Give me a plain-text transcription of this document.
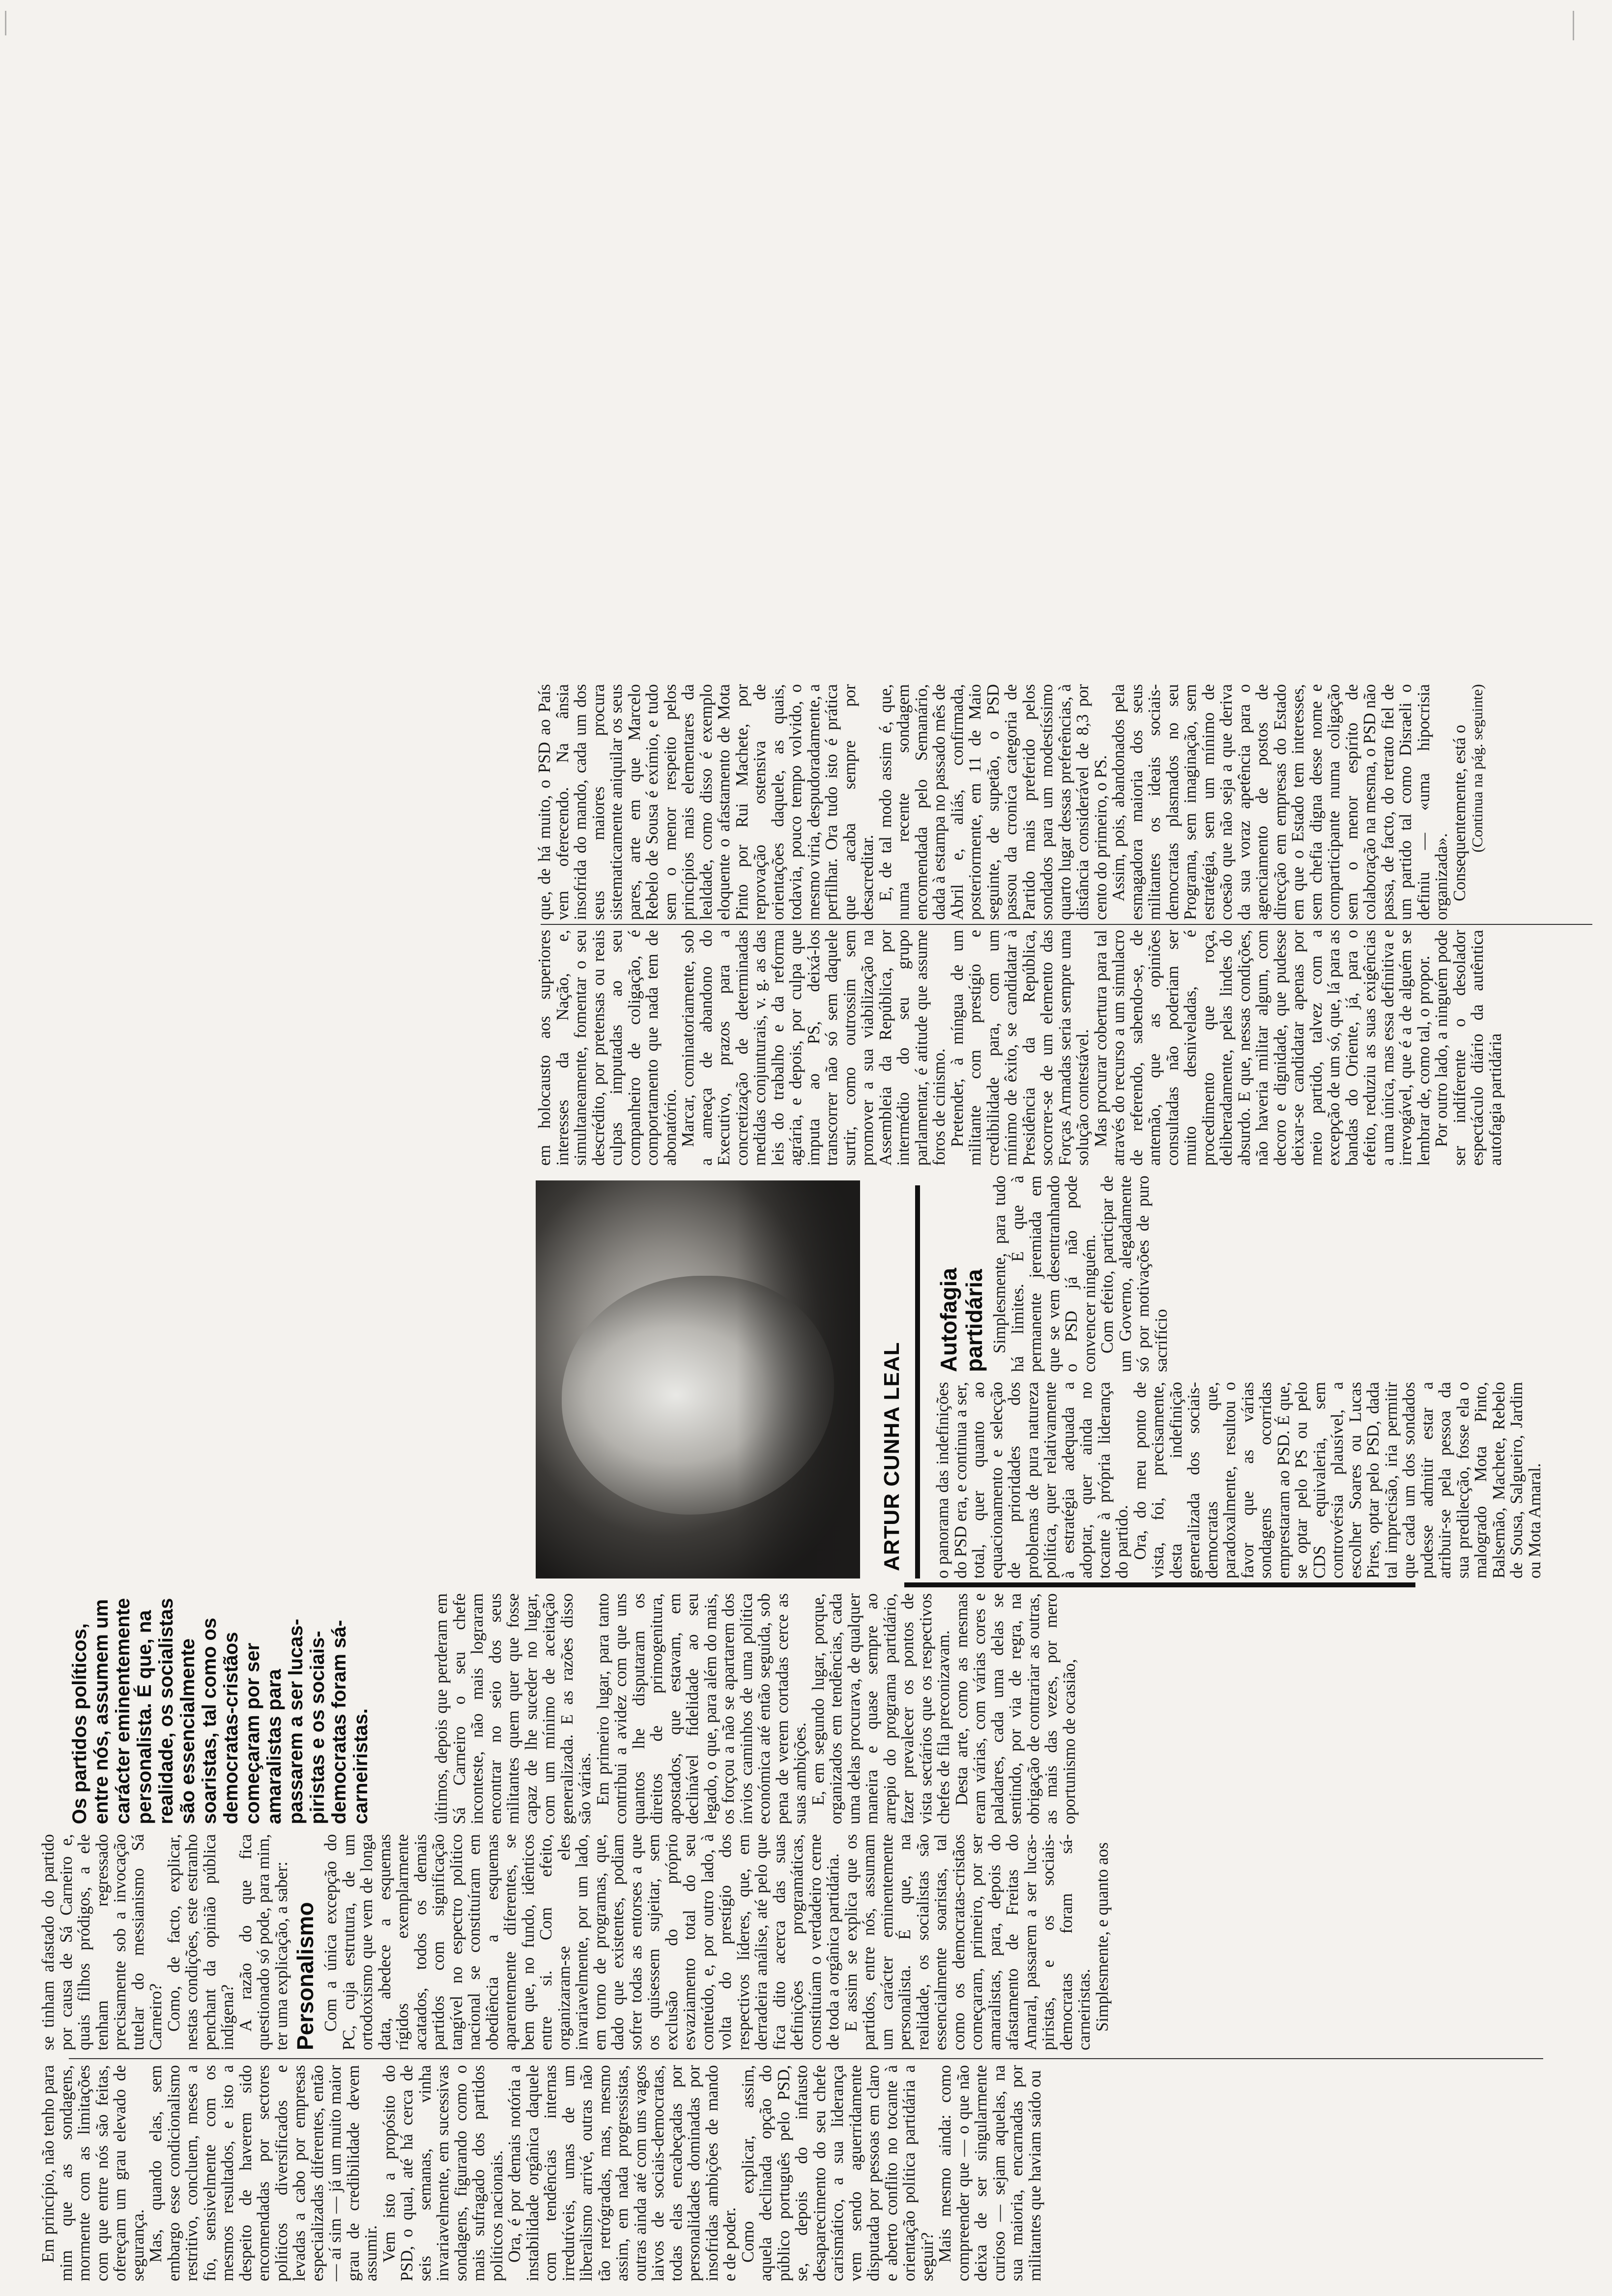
Em princípio, não tenho para mim que as sondagens, mormente com as limitações com que entre nós são feitas, ofereçam um grau elevado de segurança.

Mas, quando elas, sem embargo esse condicionalismo restritivo, concluem, meses a fio, sensivelmente com os mesmos resultados, e isto a despeito de haverem sido encomendadas por sectores políticos diversificados e levadas a cabo por empresas especializadas diferentes, então — aí sim — já um muito maior grau de credibilidade devem assumir.

Vem isto a propósito do PSD, o qual, até há cerca de seis semanas, vinha invariavelmente, em sucessivas sondagens, figurando como o mais sufragado dos partidos políticos nacionais.

Ora, é por demais notória a instabilidade orgânica daquele com tendências internas irredutíveis, umas de um liberalismo arrivé, outras não tão retrógradas, mas, mesmo assim, em nada progressistas, outras ainda até com uns vagos laivos de sociais-democratas, todas elas encabeçadas por personalidades dominadas por insofridas ambições de mando e de poder.

Como explicar, assim, aquela declinada opção do público português pelo PSD, se, depois do infausto desaparecimento do seu chefe carismático, a sua liderança vem sendo aguerridamente disputada por pessoas em claro e aberto conflito no tocante à orientação política partidária a seguir?

Mais mesmo ainda: como compreender que — o que não deixa de ser singularmente curioso — sejam aquelas, na sua maioria, encarnadas por militantes que haviam saído ou

se tinham afastado do partido por causa de Sá Carneiro e, quais filhos pródigos, a ele tenham regressado precisamente sob a invocação tutelar do messianismo Sá Carneiro?

Como, de facto, explicar, nestas condições, este estranho penchant da opinião pública indígena?

A razão do que fica questionado só pode, para mim, ter uma explicação, a saber: Personalismo Com a única excepção do PC, cuja estrutura, de um ortodoxismo que vem de longa data, abedece a esquemas rígidos exemplarmente acatados, todos os demais partidos com significação tangível no espectro político nacional se constituíram em obediência a esquemas aparentemente diferentes, se bem que, no fundo, idênticos entre si. Com efeito, organizaram-se eles invariavelmente, por um lado, em torno de programas, que, dado que existentes, podiam sofrer todas as entorses a que os quisessem sujeitar, sem exclusão do próprio esvaziamento total do seu conteúdo, e, por outro lado, à volta do prestígio dos respectivos líderes, que, em derradeira análise, até pelo que fica dito acerca das suas definições programáticas, constituíam o verdadeiro cerne de toda a orgânica partidária.

E assim se explica que os partidos, entre nós, assumam um carácter eminentemente personalista. É que, na realidade, os socialistas são essencialmente soaristas, tal como os democratas-cristãos começaram, primeiro, por ser amaralistas, para, depois do afastamento de Freitas do Amaral, passarem a ser lucas-piristas, e os sociais-democratas foram sá-carneiristas.

Simplesmente, e quanto aos

Os partidos políticos, entre nós, assumem um carácter eminentemente personalista. É que, na realidade, os socialistas são essencialmente soaristas, tal como os democratas-cristãos começaram por ser amaralistas para passarem a ser lucas-piristas e os sociais-democratas foram sá-carneiristas.	últimos, depois que perderam em Sá Carneiro o seu chefe inconteste, não mais lograram encontrar no seio dos seus militantes quem quer que fosse capaz de lhe suceder no lugar, com um mínimo de aceitação generalizada. E as razões disso são várias.

Em primeiro lugar, para tanto contribui a avidez com que uns quantos lhe disputaram os direitos de primogenitura, apostados, que estavam, em declinável fidelidade ao seu legado, o que, para além do mais, os forçou a não se apartarem dos ínvios caminhos de uma política económica até então seguida, sob pena de verem cortadas cerce as suas ambições.

E, em segundo lugar, porque, organizados em tendências, cada uma delas procurava, de qualquer maneira e quase sempre ao arrepio do programa partidário, fazer prevalecer os pontos de vista sectários que os respectivos chefes de fila preconizavam.

Desta arte, como as mesmas eram várias, com várias cores e paladares, cada uma delas se sentindo, por via de regra, na obrigação de contrariar as outras, as mais das vezes, por mero oportunismo de ocasião,

ARTUR CUNHA LEAL o panorama das indefinições do PSD era, e continua a ser, total, quer quanto ao equacionamento e selecção de prioridades dos problemas de pura natureza política, quer relativamente à estratégia adequada a adoptar, quer ainda no tocante à própria liderança do partido.

Ora, do meu ponto de vista, foi, precisamente, desta indefinição generalizada dos sociais-democratas que, paradoxalmente, resultou o favor que as várias sondagens ocorridas emprestaram ao PSD. É que, se optar pelo PS ou pelo CDS equivaleria, sem controvérsia plausível, a escolher Soares ou Lucas Pires, optar pelo PSD, dada tal imprecisão, iria permitir que cada um dos sondados pudesse admitir estar a atribuir-se pela pessoa da sua predilecção, fosse ela o malogrado Mota Pinto, Balsemão, Machete, Rebelo de Sousa, Salgueiro, Jardim ou Mota Amaral.

Autofagia partidária Simplesmente, para tudo há limites. É que à permanente jeremiada em que se vem desentranhando o PSD já não pode convencer ninguém.

Com efeito, participar de um Governo, alegadamente só por motivações de puro sacrifício

em holocausto aos superiores interesses da Nação, e, simultaneamente, fomentar o seu descrédito, por pretensas ou reais culpas imputadas ao seu companheiro de coligação, é comportamento que nada tem de abonatório.

Marcar, cominatoriamente, sob a ameaça de abandono do Executivo, prazos para a concretização de determinadas medidas conjunturais, v. g. as das leis do trabalho e da reforma agrária, e depois, por culpa que imputa ao PS, deixá-los transcorrer não só sem daquele surtir, como outrossim sem promover a sua viabilização na Assembleia da República, por intermédio do seu grupo parlamentar, é atitude que assume foros de cinismo.

Pretender, à míngua de um militante com prestígio e credibilidade para, com um mínimo de êxito, se candidatar à Presidência da República, socorrer-se de um elemento das Forças Armadas seria sempre uma solução contestável.

Mas procurar cobertura para tal através do recurso a um simulacro de referendo, sabendo-se, de antemão, que as opiniões consultadas não poderiam ser muito desniveladas, é procedimento que roça, deliberadamente, pelas lindes do absurdo. E que, nessas condições, não haveria militar algum, com decoro e dignidade, que pudesse deixar-se candidatar apenas por meio partido, talvez com a excepção de um só, que, lá para as bandas do Oriente, já, para o efeito, reduziu as suas exigências a uma única, mas essa definitiva e irrevogável, que é a de alguém se lembrar de, como tal, o propor.

Por outro lado, a ninguém pode ser indiferente o desolador espectáculo diário da autêntica autofagia partidária

que, de há muito, o PSD ao País vem oferecendo. Na ânsia insofrida do mando, cada um dos seus maiores procura sistematicamente aniquilar os seus pares, arte em que Marcelo Rebelo de Sousa é exímio, e tudo sem o menor respeito pelos princípios mais elementares da lealdade, como disso é exemplo eloquente o afastamento de Mota Pinto por Rui Machete, por reprovação ostensiva de orientações daquele, as quais, todavia, pouco tempo volvido, o mesmo viria, despudoradamente, a perfilhar. Ora tudo isto é prática que acaba sempre por desacreditar.

E, de tal modo assim é, que, numa recente sondagem encomendada pelo Semanário, dada à estampa no passado mês de Abril e, aliás, confirmada, posteriormente, em 11 de Maio seguinte, de supetão, o PSD passou da cronica categoria de Partido mais preferido pelos sondados para um modestíssimo quarto lugar dessas preferências, à distância considerável de 8,3 por cento do primeiro, o PS.

Assim, pois, abandonados pela esmagadora maioria dos seus militantes os ideais sociais-democratas plasmados no seu Programa, sem imaginação, sem estratégia, sem um mínimo de coesão que não seja a que deriva da sua voraz apetência para o agenciamento de postos de direcção em empresas do Estado em que o Estado tem interesses, sem chefia digna desse nome e comparticipante numa coligação sem o menor espírito de colaboração na mesma, o PSD não passa, de facto, do retrato fiel de um partido tal como Disraeli o definiu — «uma hipocrisia organizada».

Consequentemente, está o (Continua na pág. seguinte)
